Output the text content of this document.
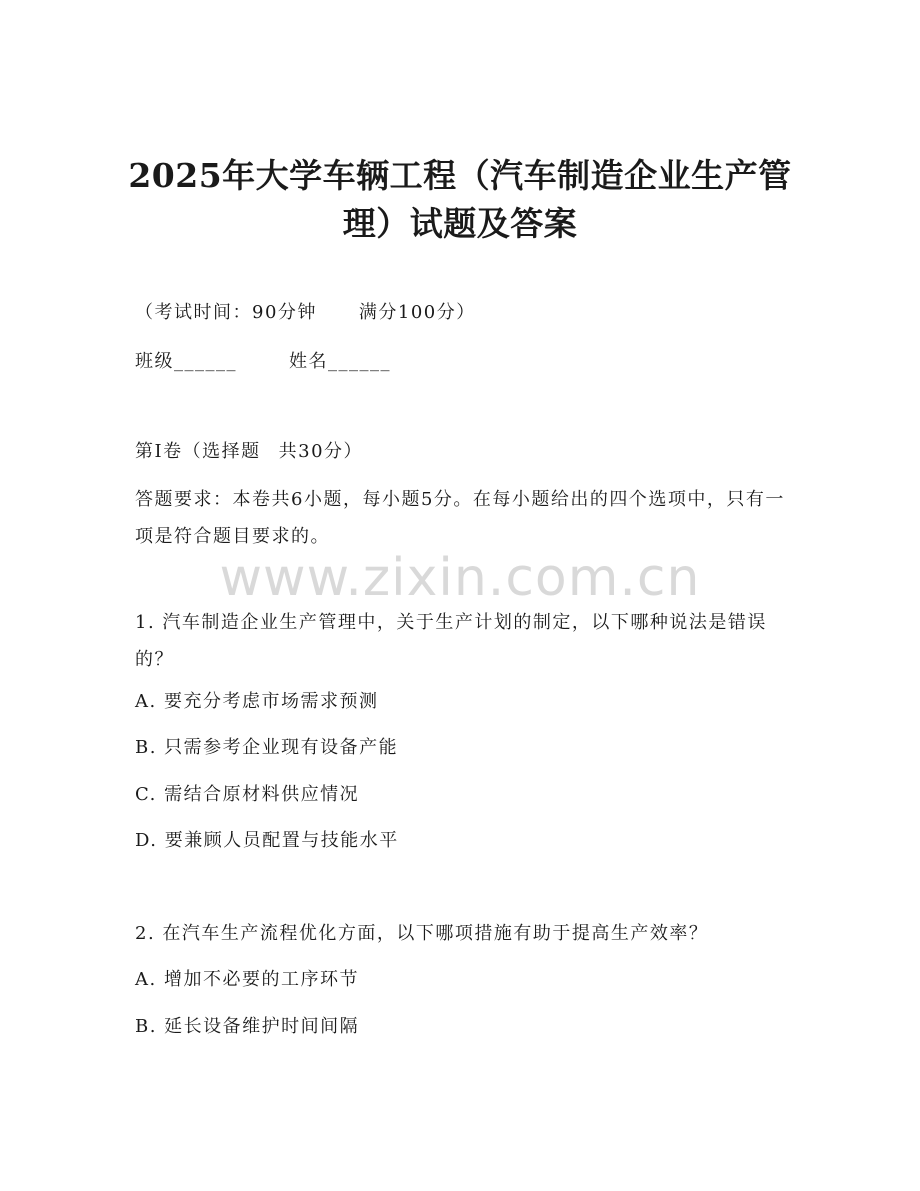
2025年大学车辆工程（汽车制造企业生产管
理）试题及答案
（考试时间：90分钟 满分100分）
班级______	姓名______
第I卷（选择题 共30分）
答题要求：本卷共6小题，每小题5分。在每小题给出的四个选项中，只有一项是符合题目要求的。
www.zixin.com.cn
1. 汽车制造企业生产管理中，关于生产计划的制定，以下哪种说法是错误的？
A. 要充分考虑市场需求预测
B. 只需参考企业现有设备产能
C. 需结合原材料供应情况
D. 要兼顾人员配置与技能水平
2. 在汽车生产流程优化方面，以下哪项措施有助于提高生产效率？
A. 增加不必要的工序环节
B. 延长设备维护时间间隔
